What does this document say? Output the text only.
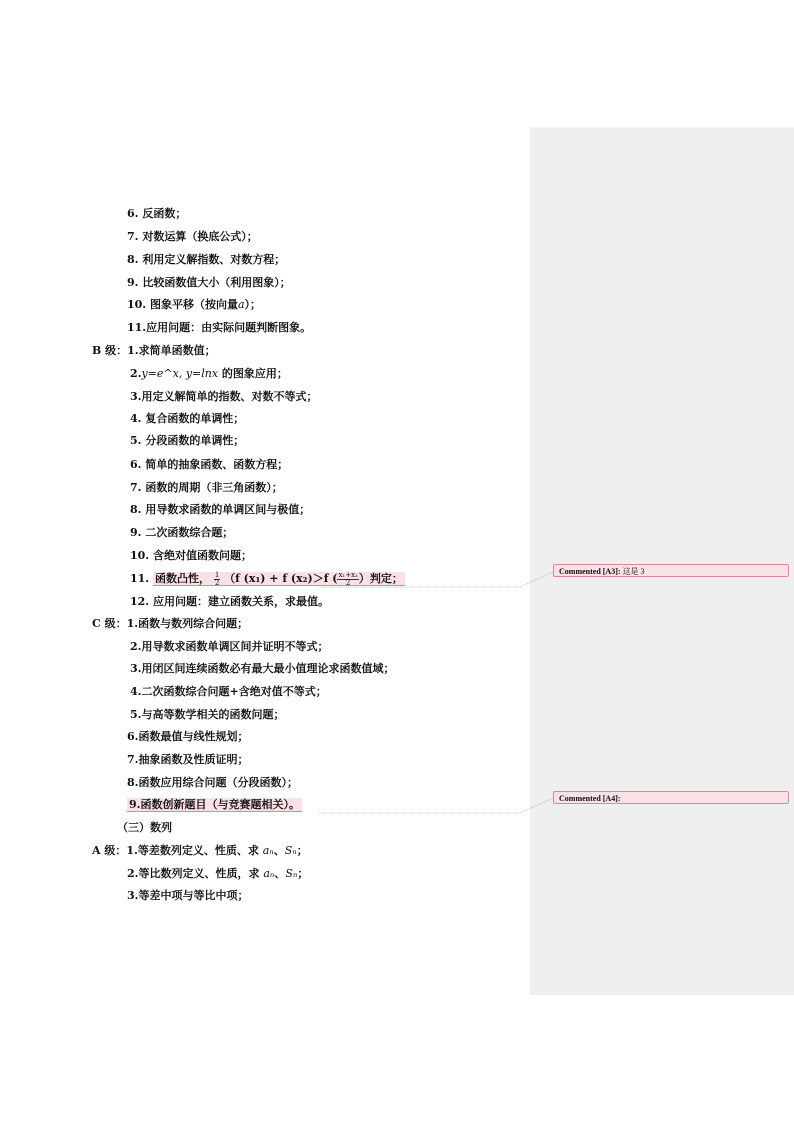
6. 反函数；
7. 对数运算（换底公式）；
8. 利用定义解指数、对数方程；
9. 比较函数值大小（利用图象）；
10. 图象平移（按向量a）；
11.应用问题：由实际问题判断图象。
B 级：1.求简单函数值；
2.y=e^x, y=lnx 的图象应用；
3.用定义解简单的指数、对数不等式；
4. 复合函数的单调性；
5. 分段函数的单调性；
6. 简单的抽象函数、函数方程；
7. 函数的周期（非三角函数）；
8. 用导数求函数的单调区间与极值；
9. 二次函数综合题；
10. 含绝对值函数问题；
11. 函数凸性， $\frac{1}{2} (f$ (x₁) + f (x₂)＞f ( $\frac{\text{x₁+x₂}}{2}$ ）判定；
12. 应用问题：建立函数关系，求最值。
C 级：1.函数与数列综合问题；
2.用导数求函数单调区间并证明不等式；
3.用闭区间连续函数必有最大最小值理论求函数值域；
4.二次函数综合问题+含绝对值不等式；
5.与高等数学相关的函数问题；
6.函数最值与线性规划；
7.抽象函数及性质证明；
8.函数应用综合问题（分段函数）；
9.函数创新题目（与竞赛题相关）。
（三）数列
A 级：1.等差数列定义、性质、求 aₙ、Sₙ；
2.等比数列定义、性质，求 aₙ、Sₙ；
3.等差中项与等比中项；
Commented [A3]: 这是 3
Commented [A4]:
